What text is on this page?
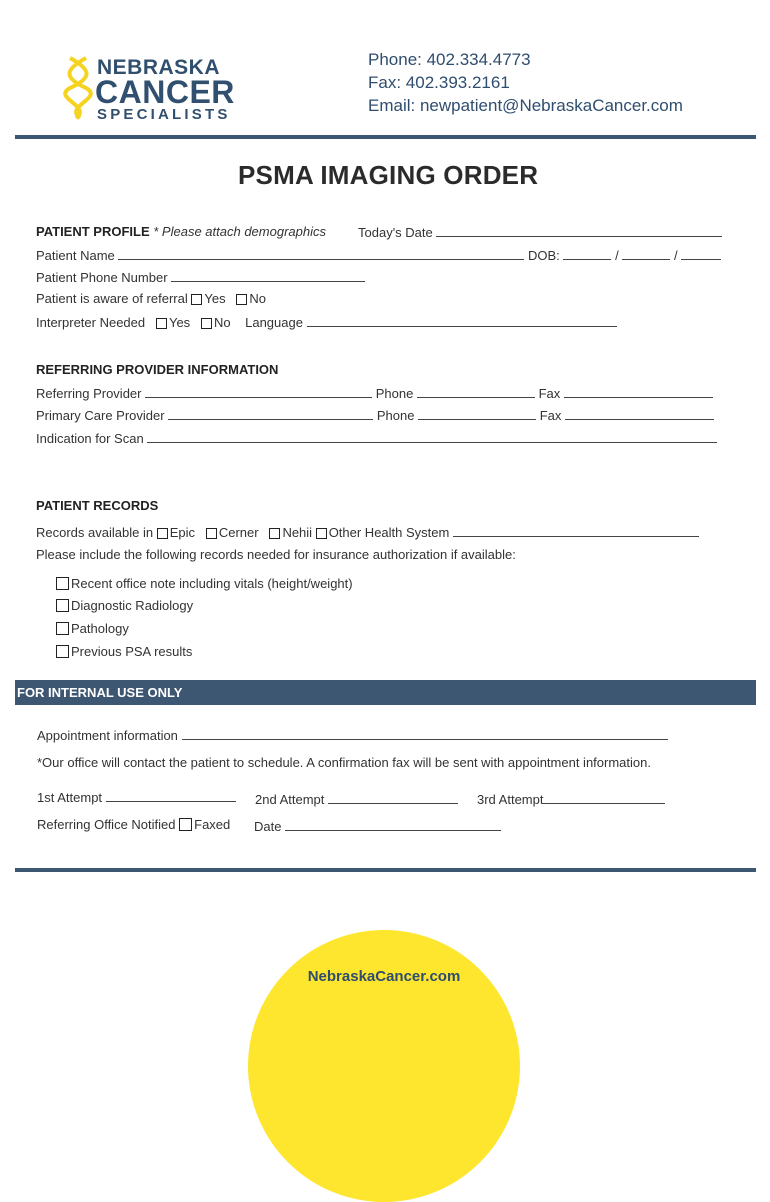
NEBRASKA
CANCER
SPECIALISTS
Phone: 402.334.4773
Fax: 402.393.2161
Email: newpatient@NebraskaCancer.com
PSMA IMAGING ORDER
PATIENT PROFILE * Please attach demographics Today's Date
Patient Name	DOB:	/	/
Patient Phone Number
Patient is aware of referral Yes No
Interpreter Needed Yes No Language
REFERRING PROVIDER INFORMATION
Referring Provider	Phone	Fax
Primary Care Provider	Phone	Fax
Indication for Scan
PATIENT RECORDS
Records available in Epic Cerner Nehii Other Health System
Please include the following records needed for insurance authorization if available:
Recent office note including vitals (height/weight)
Diagnostic Radiology
Pathology
Previous PSA results
FOR INTERNAL USE ONLY
Appointment information
*Our office will contact the patient to schedule. A confirmation fax will be sent with appointment information.
1st Attempt	2nd Attempt	3rd Attempt
Referring Office Notified Faxed Date
NebraskaCancer.com
